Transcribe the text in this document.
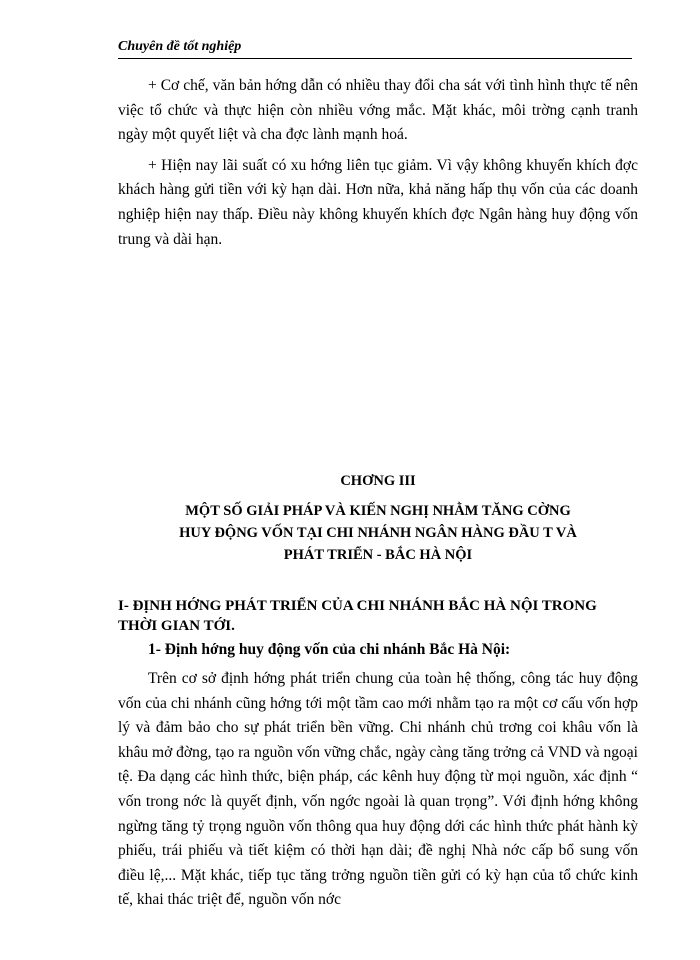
Chuyên đề tốt nghiệp

+ Cơ chế, văn bản hớng dẫn có nhiều thay đổi cha sát với tình hình thực tế nên việc tổ chức và thực hiện còn nhiều vớng mắc. Mặt khác, môi trờng cạnh tranh ngày một quyết liệt và cha đợc lành mạnh hoá.

+ Hiện nay lãi suất có xu hớng liên tục giảm. Vì vậy không khuyến khích đợc khách hàng gửi tiền với kỳ hạn dài. Hơn nữa, khả năng hấp thụ vốn của các doanh nghiệp hiện nay thấp. Điều này không khuyến khích đợc Ngân hàng huy động vốn trung và dài hạn.

CHƠNG III
MỘT SỐ GIẢI PHÁP VÀ KIẾN NGHỊ NHẰM TĂNG CỜNG
HUY ĐỘNG VỐN TẠI CHI NHÁNH NGÂN HÀNG ĐẦU T VÀ
PHÁT TRIỂN - BẮC HÀ NỘI
I- ĐỊNH HỚNG PHÁT TRIỂN CỦA CHI NHÁNH BẮC HÀ NỘI TRONG THỜI GIAN TỚI.
1- Định hớng huy động vốn của chi nhánh Bắc Hà Nội:

Trên cơ sở định hớng phát triển chung của toàn hệ thống, công tác huy động vốn của chi nhánh cũng hớng tới một tầm cao mới nhằm tạo ra một cơ cấu vốn hợp lý và đảm bảo cho sự phát triển bền vững. Chi nhánh chủ trơng coi khâu vốn là khâu mở đờng, tạo ra nguồn vốn vững chắc, ngày càng tăng trởng cả VND và ngoại tệ. Đa dạng các hình thức, biện pháp, các kênh huy động từ mọi nguồn, xác định “ vốn trong nớc là quyết định, vốn ngớc ngoài là quan trọng”. Với định hớng không ngừng tăng tỷ trọng nguồn vốn thông qua huy động dới các hình thức phát hành kỳ phiếu, trái phiếu và tiết kiệm có thời hạn dài; đề nghị Nhà nớc cấp bổ sung vốn điều lệ,... Mặt khác, tiếp tục tăng trởng nguồn tiền gửi có kỳ hạn của tổ chức kinh tế, khai thác triệt để, nguồn vốn nớc
